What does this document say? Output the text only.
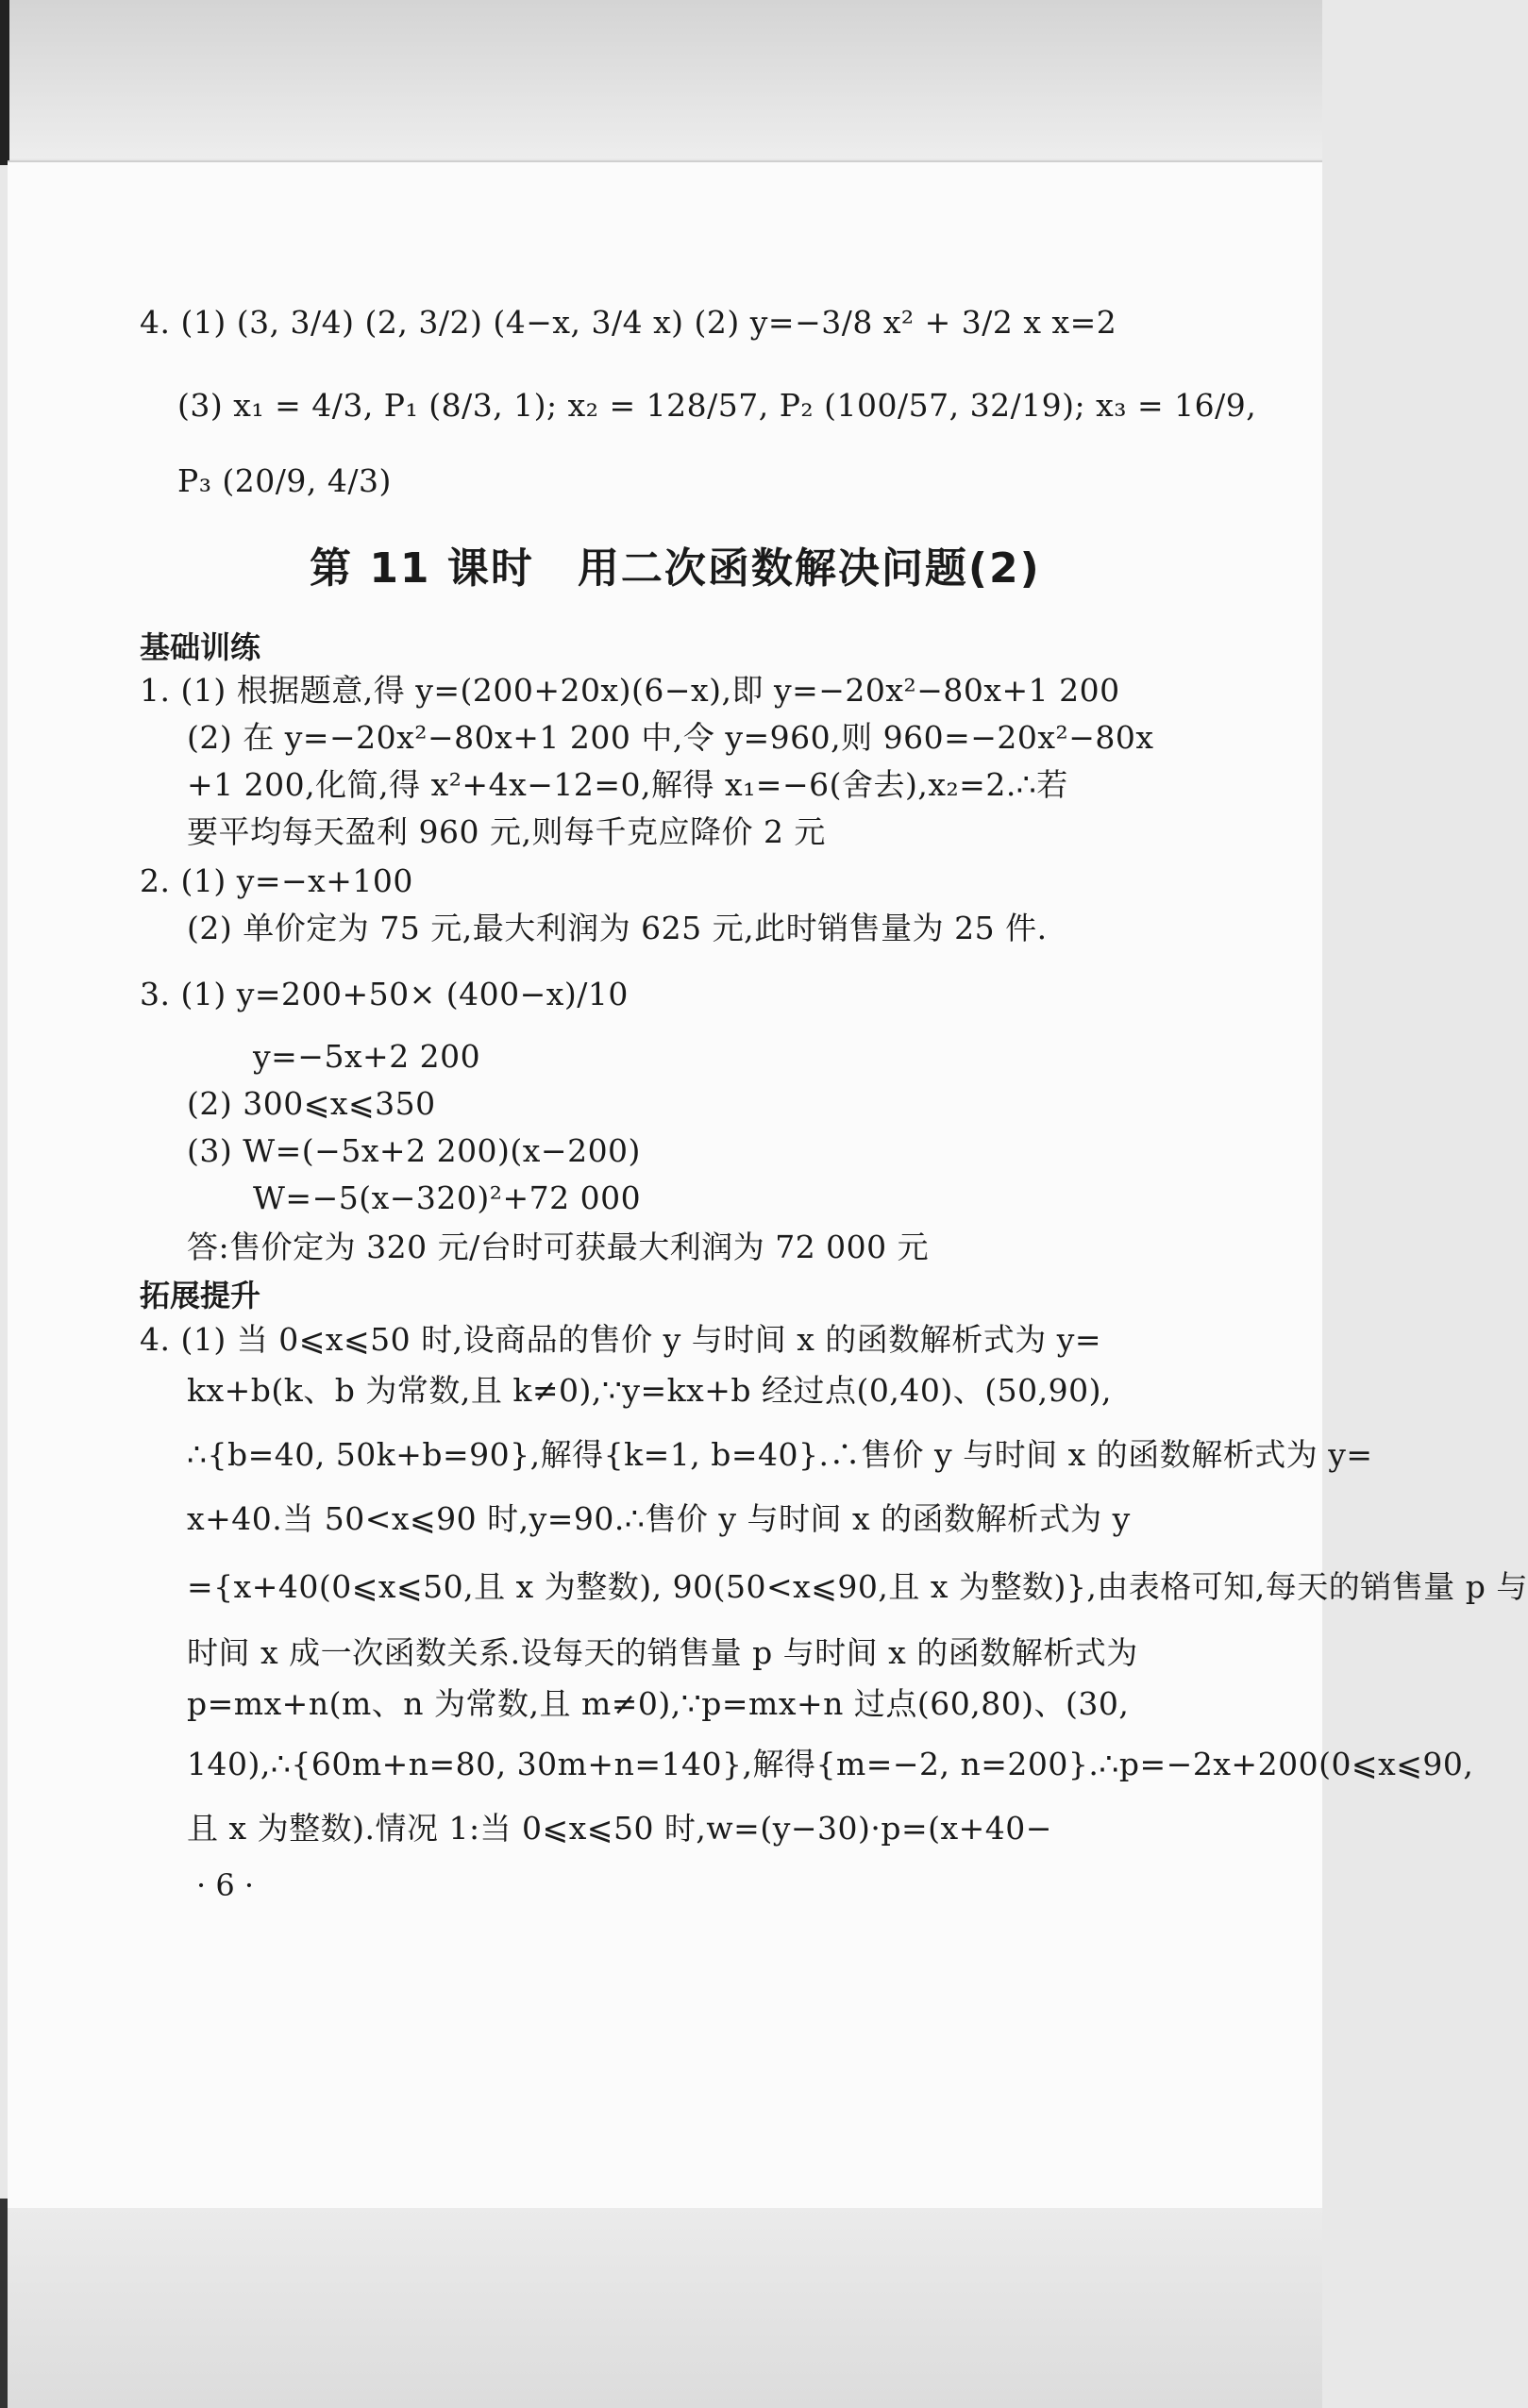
4. (1) (3, 3/4) (2, 3/2) (4−x, 3/4 x) (2) y=−3/8 x² + 3/2 x x=2
(3) x₁ = 4/3, P₁ (8/3, 1); x₂ = 128/57, P₂ (100/57, 32/19); x₃ = 16/9,
P₃ (20/9, 4/3)
第 11 课时　用二次函数解决问题(2)
基础训练
1. (1) 根据题意,得 y=(200+20x)(6−x),即 y=−20x²−80x+1 200
(2) 在 y=−20x²−80x+1 200 中,令 y=960,则 960=−20x²−80x
+1 200,化简,得 x²+4x−12=0,解得 x₁=−6(舍去),x₂=2.∴若
要平均每天盈利 960 元,则每千克应降价 2 元
2. (1) y=−x+100
(2) 单价定为 75 元,最大利润为 625 元,此时销售量为 25 件.
3. (1) y=200+50× (400−x)/10
y=−5x+2 200
(2) 300⩽x⩽350
(3) W=(−5x+2 200)(x−200)
W=−5(x−320)²+72 000
答:售价定为 320 元/台时可获最大利润为 72 000 元
拓展提升
4. (1) 当 0⩽x⩽50 时,设商品的售价 y 与时间 x 的函数解析式为 y=
kx+b(k、b 为常数,且 k≠0),∵y=kx+b 经过点(0,40)、(50,90),
∴{b=40, 50k+b=90},解得{k=1, b=40}.∴售价 y 与时间 x 的函数解析式为 y=
x+40.当 50<x⩽90 时,y=90.∴售价 y 与时间 x 的函数解析式为 y
={x+40(0⩽x⩽50,且 x 为整数), 90(50<x⩽90,且 x 为整数)},由表格可知,每天的销售量 p 与
时间 x 成一次函数关系.设每天的销售量 p 与时间 x 的函数解析式为
p=mx+n(m、n 为常数,且 m≠0),∵p=mx+n 过点(60,80)、(30,
140),∴{60m+n=80, 30m+n=140},解得{m=−2, n=200}.∴p=−2x+200(0⩽x⩽90,
且 x 为整数).情况 1:当 0⩽x⩽50 时,w=(y−30)·p=(x+40−
· 6 ·
